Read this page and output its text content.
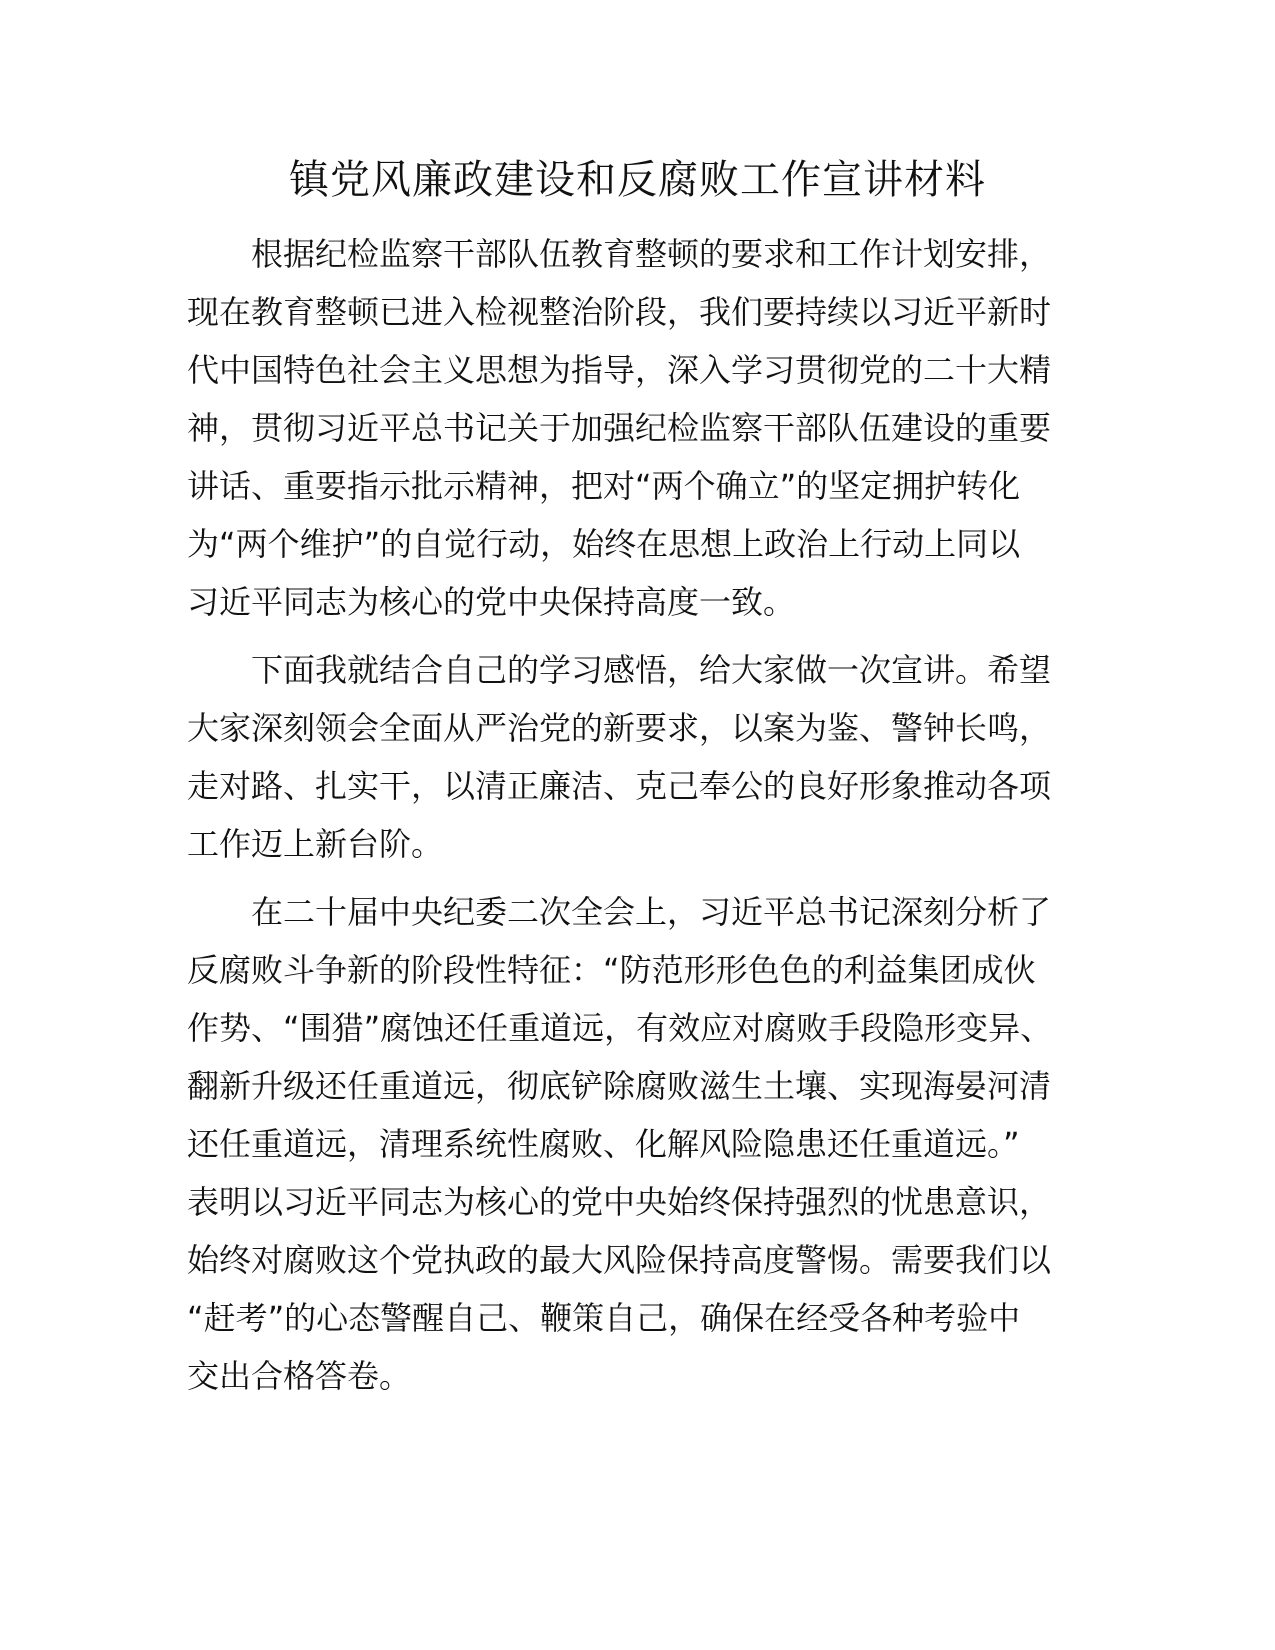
镇党风廉政建设和反腐败工作宣讲材料

根据纪检监察干部队伍教育整顿的要求和工作计划安排，
现在教育整顿已进入检视整治阶段，我们要持续以习近平新时
代中国特色社会主义思想为指导，深入学习贯彻党的二十大精
神，贯彻习近平总书记关于加强纪检监察干部队伍建设的重要
讲话、重要指示批示精神，把对“两个确立”的坚定拥护转化
为“两个维护”的自觉行动，始终在思想上政治上行动上同以
习近平同志为核心的党中央保持高度一致。

下面我就结合自己的学习感悟，给大家做一次宣讲。希望
大家深刻领会全面从严治党的新要求，以案为鉴、警钟长鸣，
走对路、扎实干，以清正廉洁、克己奉公的良好形象推动各项
工作迈上新台阶。

在二十届中央纪委二次全会上，习近平总书记深刻分析了
反腐败斗争新的阶段性特征：“防范形形色色的利益集团成伙
作势、“围猎”腐蚀还任重道远，有效应对腐败手段隐形变异、
翻新升级还任重道远，彻底铲除腐败滋生土壤、实现海晏河清
还任重道远，清理系统性腐败、化解风险隐患还任重道远。”
表明以习近平同志为核心的党中央始终保持强烈的忧患意识，
始终对腐败这个党执政的最大风险保持高度警惕。需要我们以
“赶考”的心态警醒自己、鞭策自己，确保在经受各种考验中
交出合格答卷。
